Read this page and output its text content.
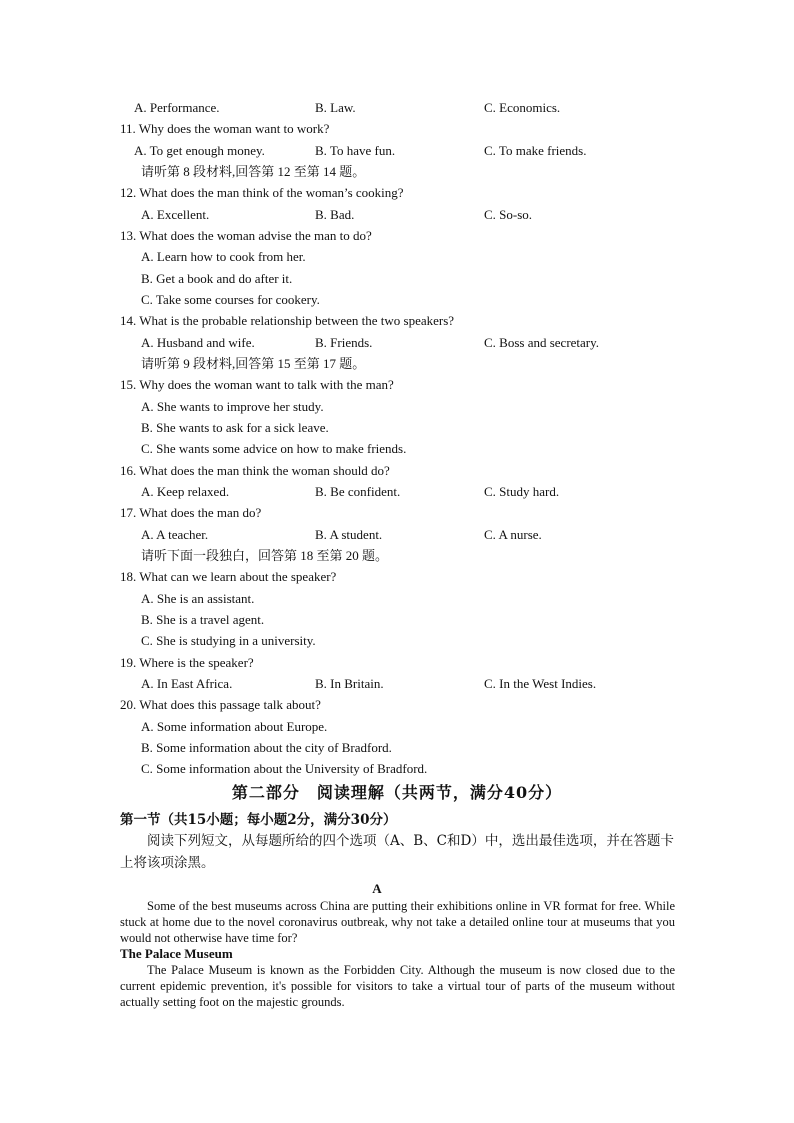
A. Performance.	B. Law.	C. Economics.
11. Why does the woman want to work?
A. To get enough money.	B. To have fun.	C. To make friends.
请听第 8 段材料,回答第 12 至第 14 题。
12. What does the man think of the woman’s cooking?
A. Excellent.	B. Bad.	C. So-so.
13. What does the woman advise the man to do?
A. Learn how to cook from her.
B. Get a book and do after it.
C. Take some courses for cookery.
14. What is the probable relationship between the two speakers?
A. Husband and wife.	B. Friends.	C. Boss and secretary.
请听第 9 段材料,回答第 15 至第 17 题。
15. Why does the woman want to talk with the man?
A. She wants to improve her study.
B. She wants to ask for a sick leave.
C. She wants some advice on how to make friends.
16. What does the man think the woman should do?
A. Keep relaxed.	B. Be confident.	C. Study hard.
17. What does the man do?
A. A teacher.	B. A student.	C. A nurse.
请听下面一段独白，回答第 18 至第 20 题。
18. What can we learn about the speaker?
A. She is an assistant.
B. She is a travel agent.
C. She is studying in a university.
19. Where is the speaker?
A. In East Africa.	B. In Britain.	C. In the West Indies.
20. What does this passage talk about?
A. Some information about Europe.
B. Some information about the city of Bradford.
C. Some information about the University of Bradford.
第二部分　阅读理解（共两节，满分40分）
第一节（共15小题；每小题2分，满分30分）
阅读下列短文，从每题所给的四个选项（A、B、C和D）中，选出最佳选项，并在答题卡上将该项涂黑。
A
Some of the best museums across China are putting their exhibitions online in VR format for free. While stuck at home due to the novel coronavirus outbreak, why not take a detailed online tour at museums that you would not otherwise have time for?
The Palace Museum
The Palace Museum is known as the Forbidden City. Although the museum is now closed due to the current epidemic prevention, it's possible for visitors to take a virtual tour of parts of the museum without actually setting foot on the majestic grounds.
